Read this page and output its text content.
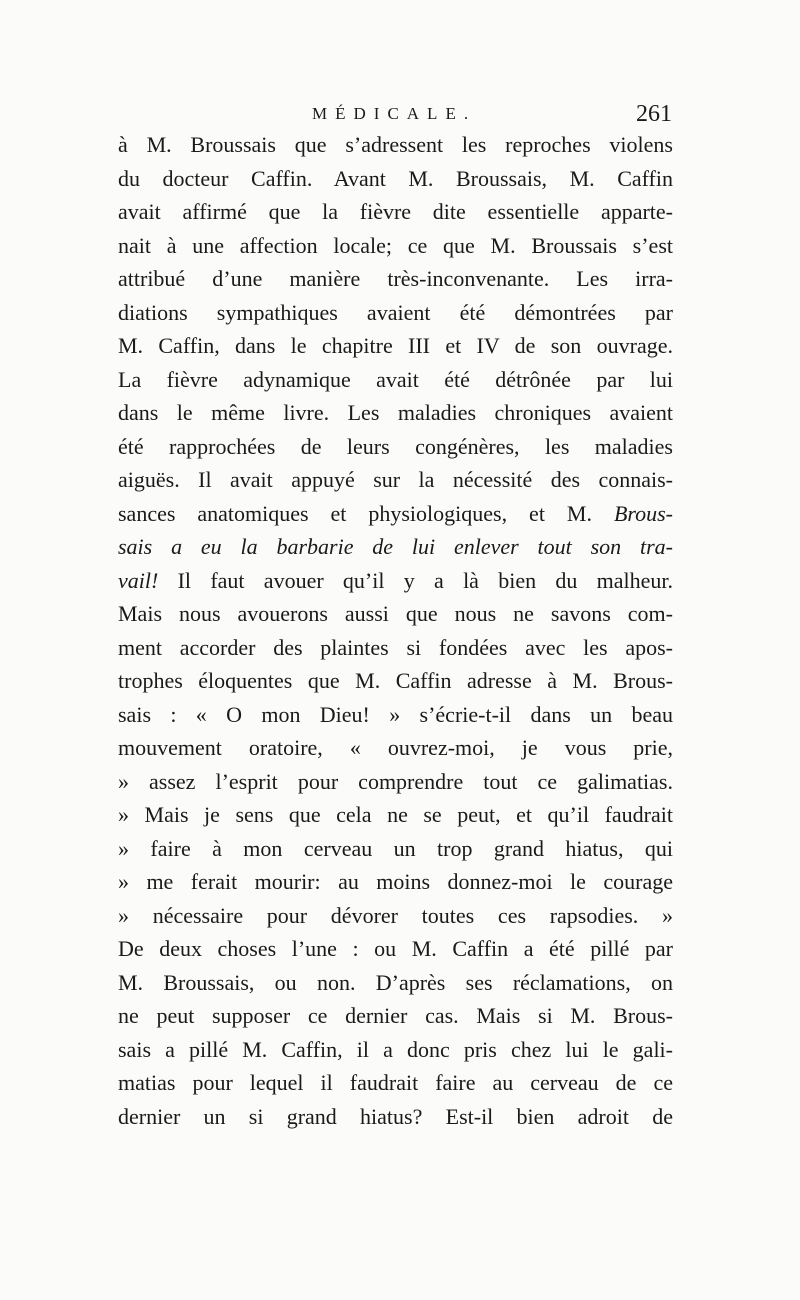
MÉDICALE.	261
à M. Broussais que s’adressent les reproches violens
du docteur Caffin. Avant M. Broussais, M. Caffin
avait affirmé que la fièvre dite essentielle apparte-
nait à une affection locale; ce que M. Broussais s’est
attribué d’une manière très-inconvenante. Les irra-
diations sympathiques avaient été démontrées par
M. Caffin, dans le chapitre III et IV de son ouvrage.
La fièvre adynamique avait été détrônée par lui
dans le même livre. Les maladies chroniques avaient
été rapprochées de leurs congénères, les maladies
aiguës. Il avait appuyé sur la nécessité des connais-
sances anatomiques et physiologiques, et M. Brous-
sais a eu la barbarie de lui enlever tout son tra-
vail! Il faut avouer qu’il y a là bien du malheur.
Mais nous avouerons aussi que nous ne savons com-
ment accorder des plaintes si fondées avec les apos-
trophes éloquentes que M. Caffin adresse à M. Brous-
sais : « O mon Dieu! » s’écrie-t-il dans un beau
mouvement oratoire, « ouvrez-moi, je vous prie,
» assez l’esprit pour comprendre tout ce galimatias.
» Mais je sens que cela ne se peut, et qu’il faudrait
» faire à mon cerveau un trop grand hiatus, qui
» me ferait mourir: au moins donnez-moi le courage
» nécessaire pour dévorer toutes ces rapsodies. »
De deux choses l’une : ou M. Caffin a été pillé par
M. Broussais, ou non. D’après ses réclamations, on
ne peut supposer ce dernier cas. Mais si M. Brous-
sais a pillé M. Caffin, il a donc pris chez lui le gali-
matias pour lequel il faudrait faire au cerveau de ce
dernier un si grand hiatus? Est-il bien adroit de
